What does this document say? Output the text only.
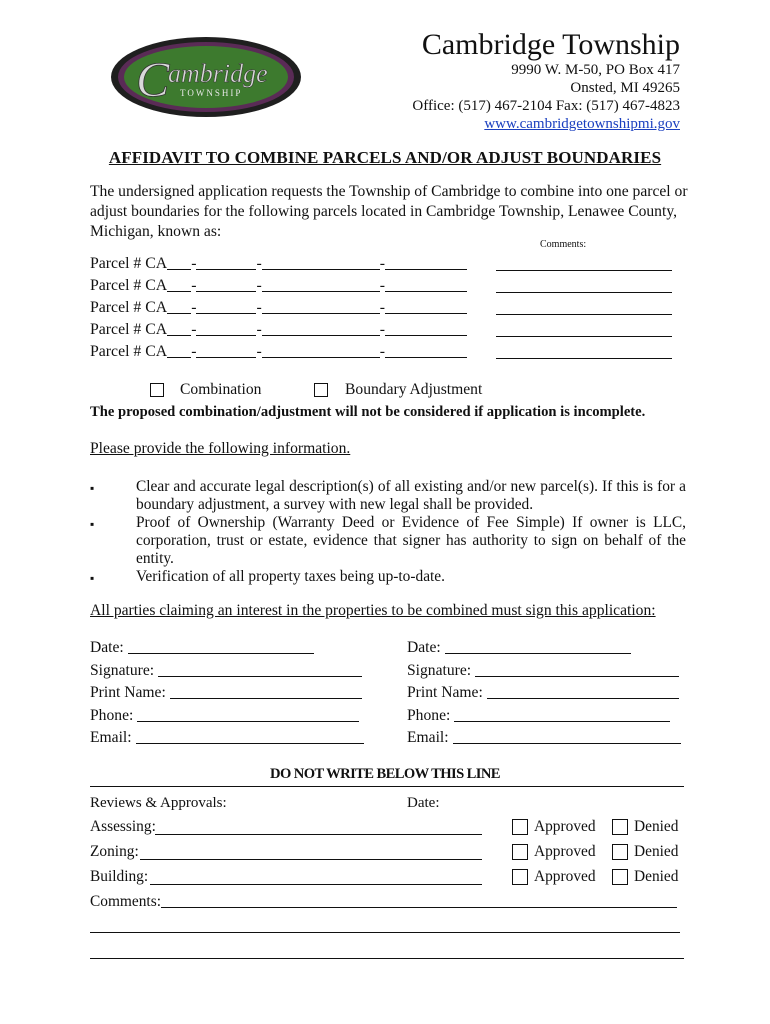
C
ambridge
TOWNSHIP
Cambridge Township
9990 W. M-50, PO Box 417
Onsted, MI 49265
Office: (517) 467-2104 Fax: (517) 467-4823
www.cambridgetownshipmi.gov
AFFIDAVIT TO COMBINE PARCELS AND/OR ADJUST BOUNDARIES
The undersigned application requests the Township of Cambridge to combine into one parcel or adjust boundaries for the following parcels located in Cambridge Township, Lenawee County, Michigan, known as:
Comments:
Parcel # CA -	-	-
Parcel # CA -	-	-
Parcel # CA -	-	-
Parcel # CA -	-	-
Parcel # CA -	-	-
Combination	Boundary Adjustment
The proposed combination/adjustment will not be considered if application is incomplete.
Please provide the following information.
▪	Clear and accurate legal description(s) of all existing and/or new parcel(s). If this is for a boundary adjustment, a survey with new legal shall be provided.
▪	Proof of Ownership (Warranty Deed or Evidence of Fee Simple) If owner is LLC, corporation, trust or estate, evidence that signer has authority to sign on behalf of the entity.
▪	Verification of all property taxes being up-to-date.
All parties claiming an interest in the properties to be combined must sign this application:
Date:
Signature:
Print Name:
Phone:
Email:
Date:
Signature:
Print Name:
Phone:
Email:
DO NOT WRITE BELOW THIS LINE
Reviews & Approvals:	Date:
Assessing:	Approved Denied
Zoning:	Approved Denied
Building:	Approved Denied
Comments:
